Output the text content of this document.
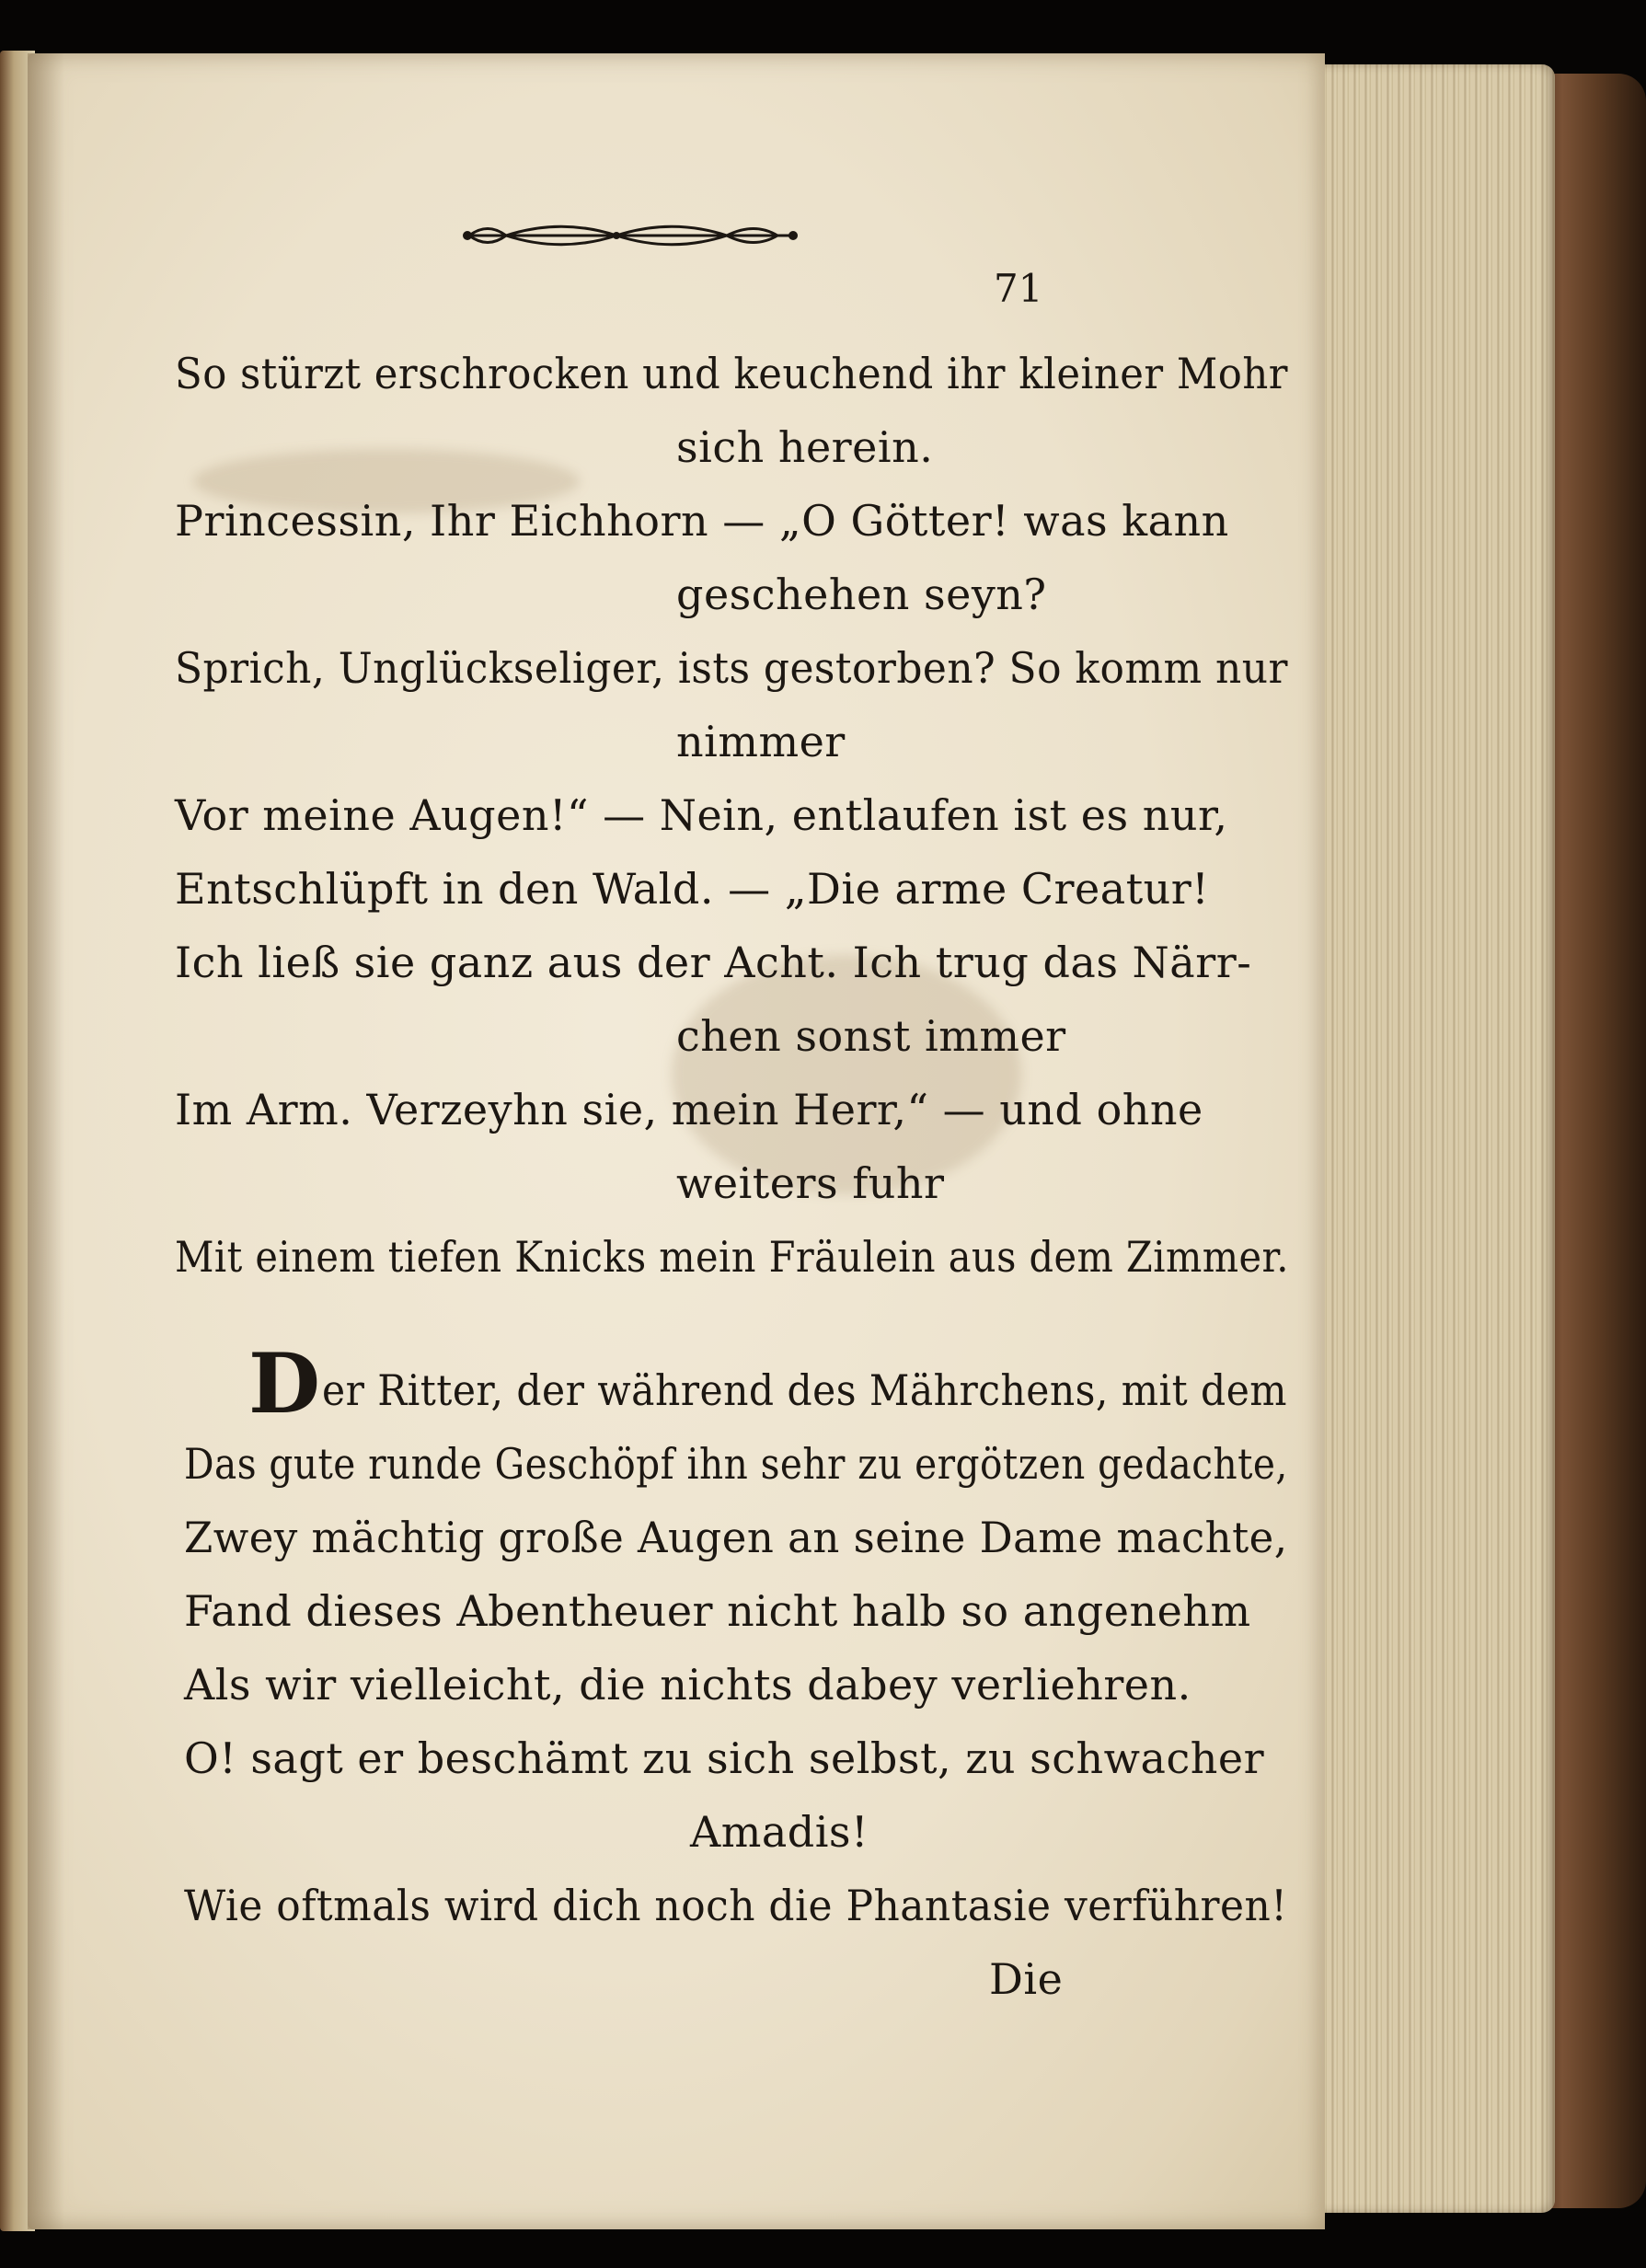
71
So stürzt erschrocken und keuchend ihr kleiner Mohr
sich herein.
Princessin, Ihr Eichhorn — „O Götter! was kann
geschehen seyn?
Sprich, Unglückseliger, ists gestorben? So komm nur
nimmer
Vor meine Augen!“ — Nein, entlaufen ist es nur,
Entschlüpft in den Wald. — „Die arme Creatur!
Ich ließ sie ganz aus der Acht. Ich trug das Närr-
chen sonst immer
Im Arm. Verzeyhn sie, mein Herr,“ — und ohne
weiters fuhr
Mit einem tiefen Knicks mein Fräulein aus dem Zimmer.
D er Ritter, der während des Mährchens, mit dem
Das gute runde Geschöpf ihn sehr zu ergötzen gedachte,
Zwey mächtig große Augen an seine Dame machte,
Fand dieses Abentheuer nicht halb so angenehm
Als wir vielleicht, die nichts dabey verliehren.
O! sagt er beschämt zu sich selbst, zu schwacher
Amadis!
Wie oftmals wird dich noch die Phantasie verführen!
Die
